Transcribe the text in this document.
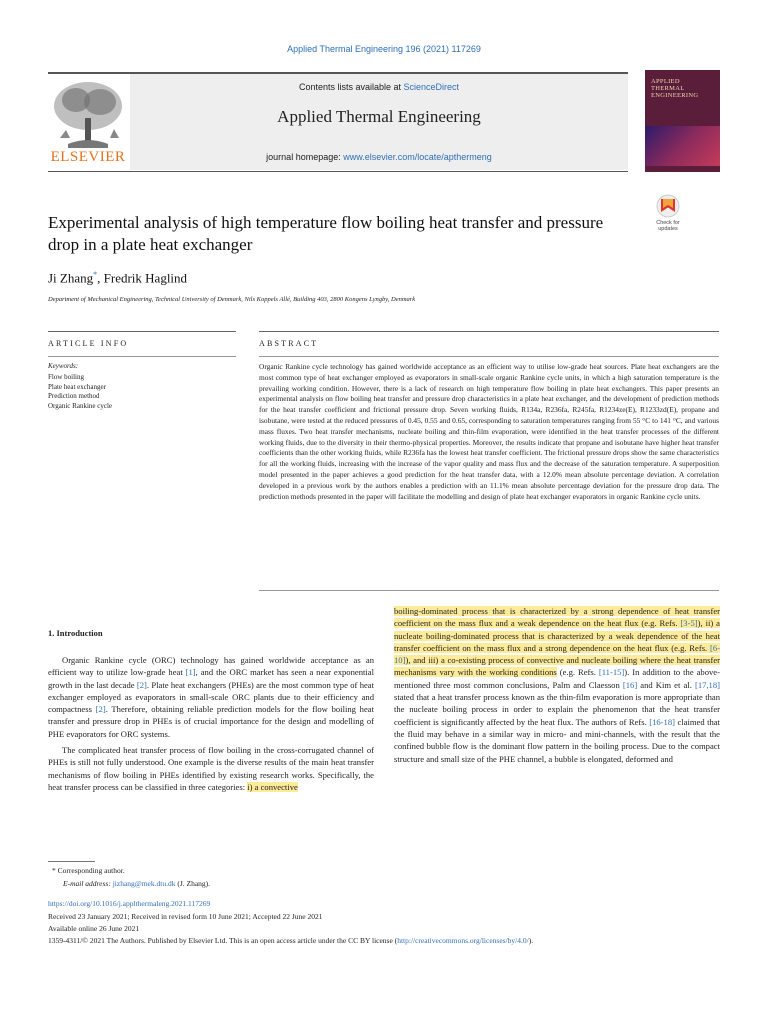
Applied Thermal Engineering 196 (2021) 117269
ELSEVIER
Contents lists available at ScienceDirect
Applied Thermal Engineering
journal homepage: www.elsevier.com/locate/apthermeng
APPLIED
THERMAL
ENGINEERING
Experimental analysis of high temperature flow boiling heat transfer and pressure drop in a plate heat exchanger
Check for
updates
Ji Zhang*, Fredrik Haglind
Department of Mechanical Engineering, Technical University of Denmark, Nils Koppels Allé, Building 403, 2800 Kongens Lyngby, Denmark
ARTICLE INFO	ABSTRACT
Keywords:
Flow boiling
Plate heat exchanger
Prediction method
Organic Rankine cycle
Organic Rankine cycle technology has gained worldwide acceptance as an efficient way to utilise low-grade heat sources. Plate heat exchangers are the most common type of heat exchanger employed as evaporators in small-scale organic Rankine cycle units, in which a high saturation temperature is the prevailing working condition. However, there is a lack of research on high temperature flow boiling in plate heat exchangers. This paper presents an experimental analysis on flow boiling heat transfer and pressure drop characteristics in a plate heat exchanger, and the development of prediction methods for the heat transfer coefficient and frictional pressure drop. Seven working fluids, R134a, R236fa, R245fa, R1234ze(E), R1233zd(E), propane and isobutane, were tested at the reduced pressures of 0.45, 0.55 and 0.65, corresponding to saturation temperatures ranging from 55 °C to 141 °C, and various mass fluxes. Two heat transfer mechanisms, nucleate boiling and thin-film evaporation, were identified in the heat transfer processes of the different working fluids, due to the diversity in their thermo-physical properties. Moreover, the results indicate that propane and isobutane have higher heat transfer coefficients than the other working fluids, while R236fa has the lowest heat transfer coefficient. The frictional pressure drops show the same characteristics for all the working fluids, increasing with the increase of the vapor quality and mass flux and the decrease of the saturation temperature. A superposition model presented in the paper achieves a good prediction for the heat transfer data, with a 12.0% mean absolute percentage deviation. A correlation developed in a previous work by the authors enables a prediction with an 11.1% mean absolute percentage deviation for the pressure drop data. The prediction methods presented in the paper will facilitate the modelling and design of plate heat exchanger evaporators in organic Rankine cycle units.
1. Introduction

Organic Rankine cycle (ORC) technology has gained worldwide acceptance as an efficient way to utilize low-grade heat [1], and the ORC market has seen a near exponential growth in the last decade [2]. Plate heat exchangers (PHEs) are the most common type of heat exchanger employed as evaporators in small-scale ORC plants due to their efficiency and compactness [2]. Therefore, obtaining reliable prediction models for the flow boiling heat transfer and pressure drop in PHEs is of crucial importance for the design and modelling of PHE evaporators for ORC systems.

The complicated heat transfer process of flow boiling in the cross-corrugated channel of PHEs is still not fully understood. One example is the diverse results of the main heat transfer mechanisms of flow boiling in PHEs identified by existing research works. Specifically, the heat transfer process can be classified in three categories: i) a convective

boiling-dominated process that is characterized by a strong dependence of heat transfer coefficient on the mass flux and a weak dependence on the heat flux (e.g. Refs. [3-5]), ii) a nucleate boiling-dominated process that is characterized by a weak dependence of the heat transfer coefficient on the mass flux and a strong dependence on the heat flux (e.g. Refs. [6-10]), and iii) a co-existing process of convective and nucleate boiling where the heat transfer mechanisms vary with the working conditions (e.g. Refs. [11-15]). In addition to the above-mentioned three most common conclusions, Palm and Claesson [16] and Kim et al. [17,18] stated that a heat transfer process known as the thin-film evaporation is more appropriate than the nucleate boiling process in order to explain the phenomenon that the heat transfer coefficient is significantly affected by the heat flux. The authors of Refs. [16-18] claimed that the fluid may behave in a similar way in micro- and mini-channels, with the result that the confined bubble flow is the dominant flow pattern in the boiling process. Due to the compact structure and small size of the PHE channel, a bubble is elongated, deformed and

* Corresponding author.
E-mail address: jizhang@mek.dtu.dk (J. Zhang).
https://doi.org/10.1016/j.applthermaleng.2021.117269
Received 23 January 2021; Received in revised form 10 June 2021; Accepted 22 June 2021
Available online 26 June 2021
1359-4311/© 2021 The Authors. Published by Elsevier Ltd. This is an open access article under the CC BY license (http://creativecommons.org/licenses/by/4.0/).
